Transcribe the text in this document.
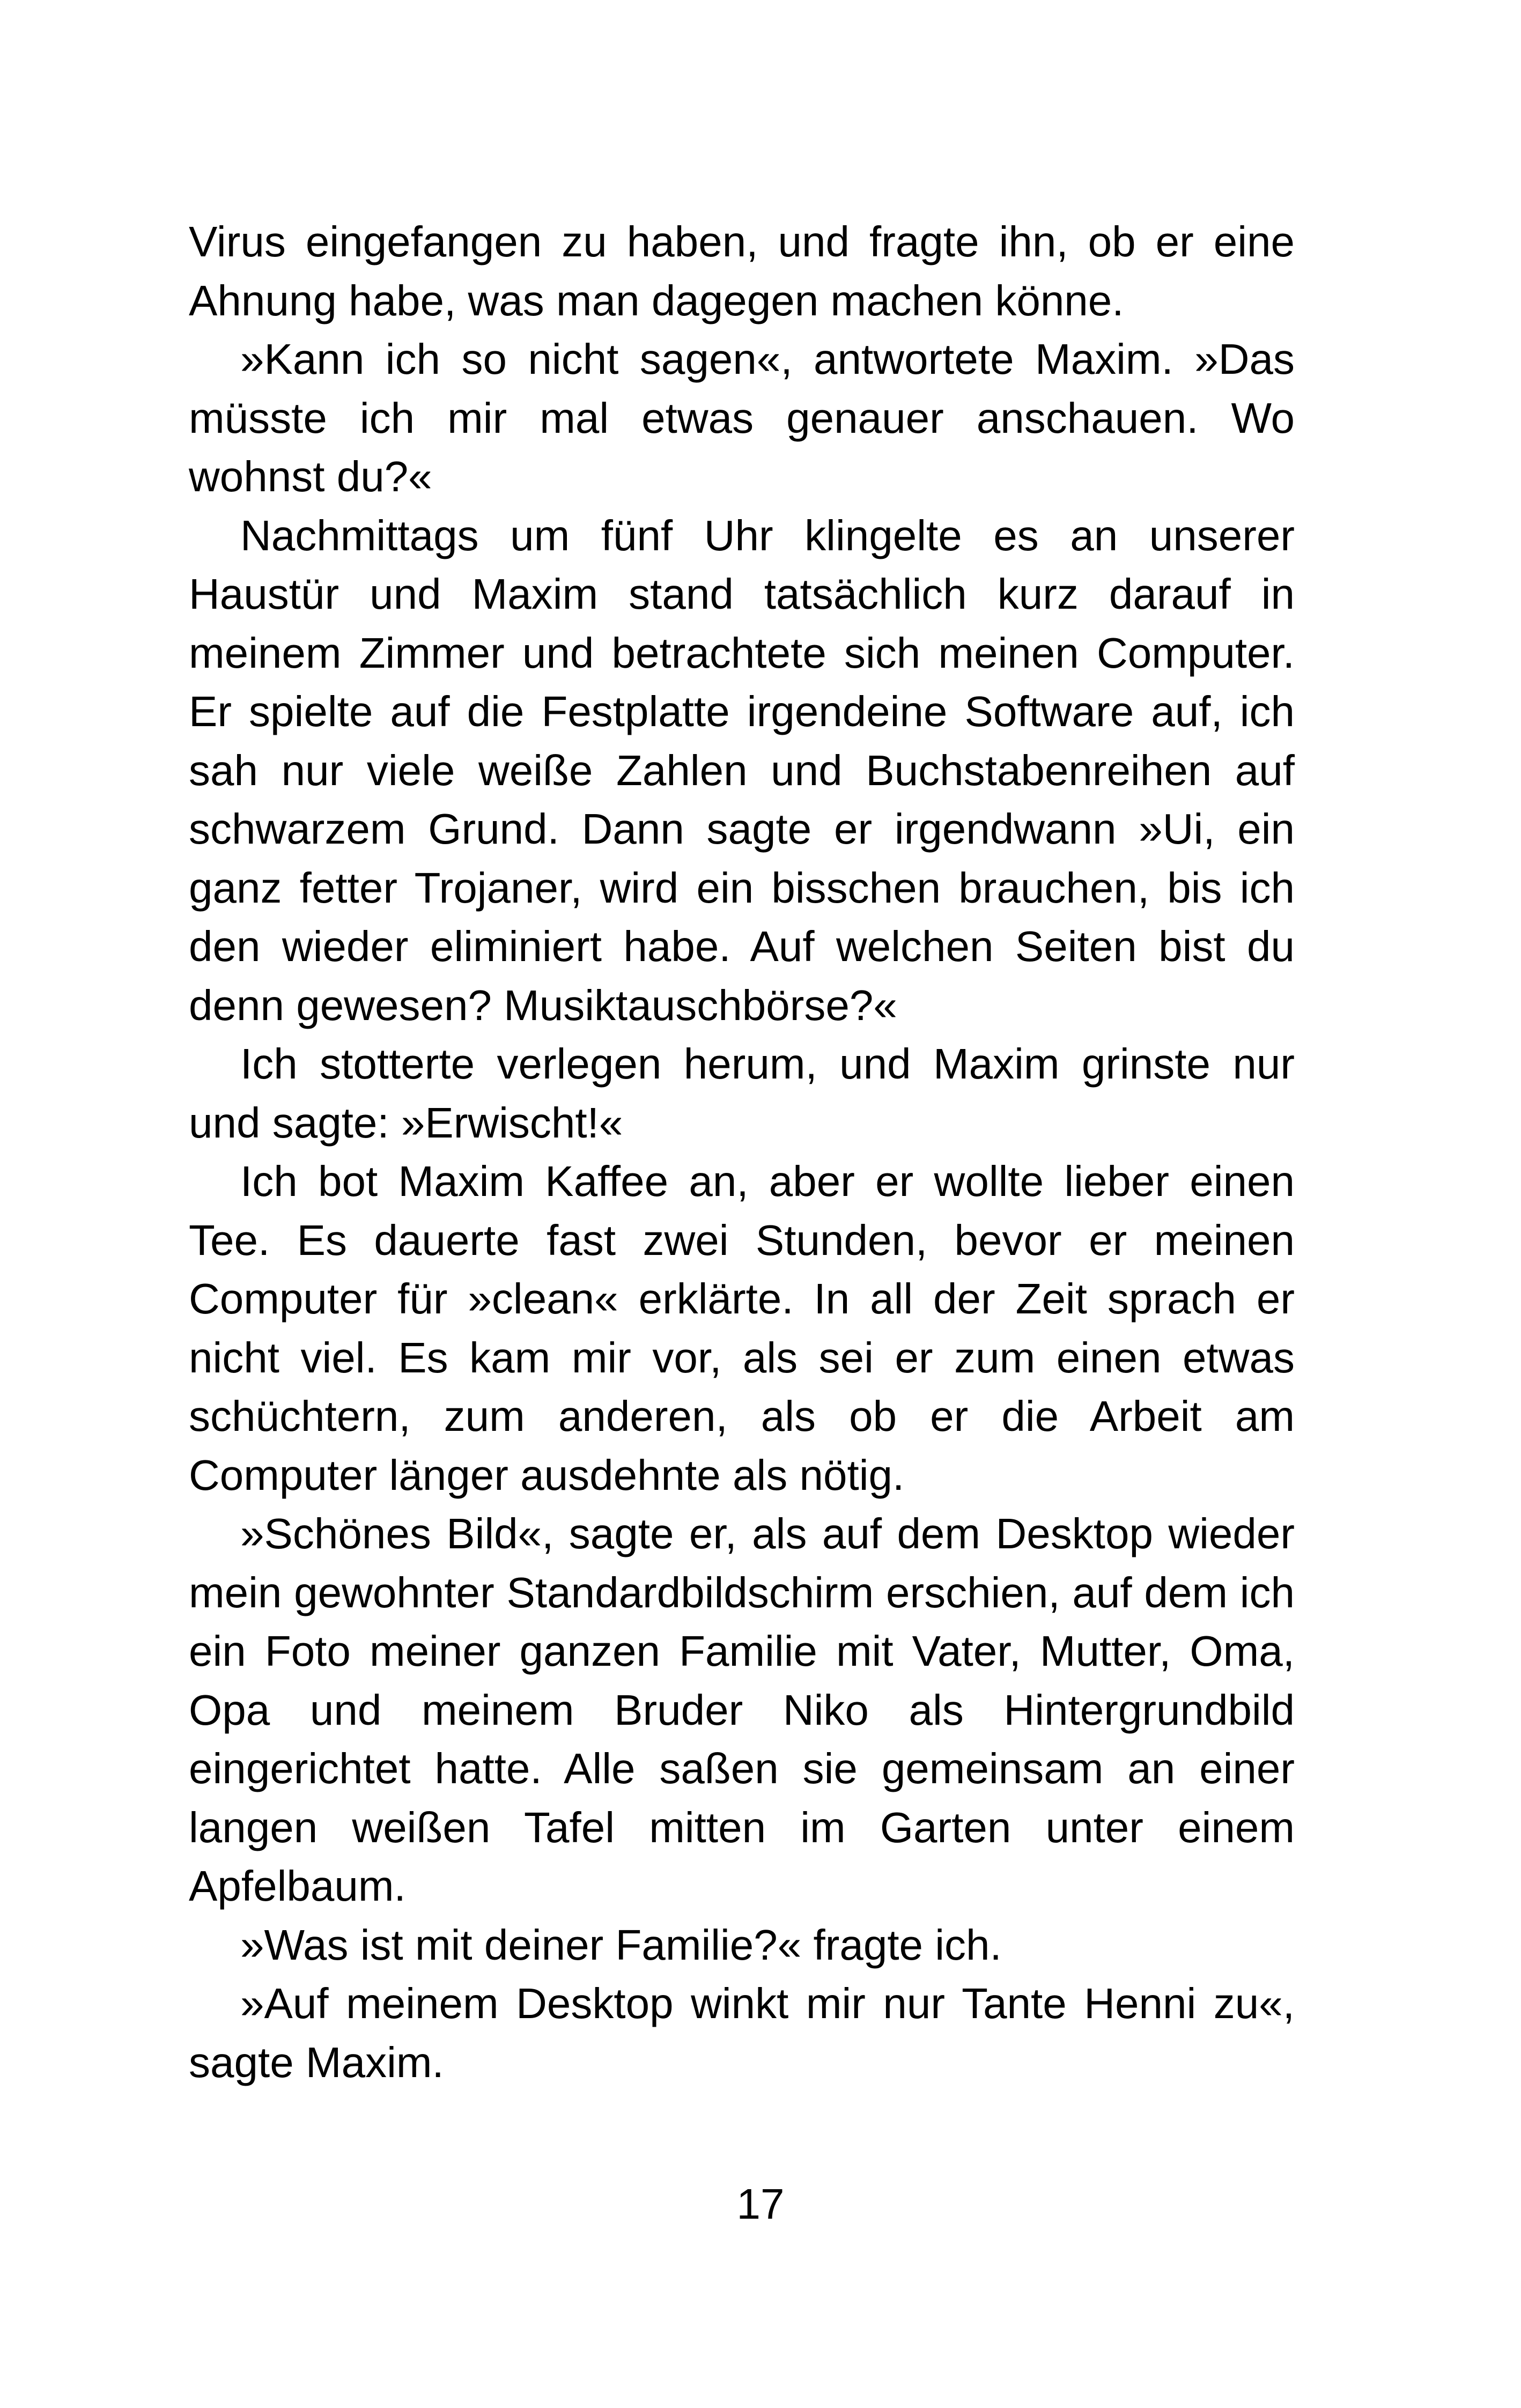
Virus eingefangen zu haben, und fragte ihn, ob er eine Ahnung habe, was man dagegen machen könne.

»Kann ich so nicht sagen«, antwortete Maxim. »Das müsste ich mir mal etwas genauer anschauen. Wo wohnst du?«

Nachmittags um fünf Uhr klingelte es an unserer Haustür und Maxim stand tatsächlich kurz darauf in meinem Zimmer und betrachtete sich meinen Computer. Er spielte auf die Festplatte irgendeine Software auf, ich sah nur viele weiße Zahlen und Buchstabenreihen auf schwarzem Grund. Dann sagte er irgendwann »Ui, ein ganz fetter Trojaner, wird ein bisschen brauchen, bis ich den wieder eliminiert habe. Auf welchen Seiten bist du denn gewesen? Musiktauschbörse?«

Ich stotterte verlegen herum, und Maxim grinste nur und sagte: »Erwischt!«

Ich bot Maxim Kaffee an, aber er wollte lieber einen Tee. Es dauerte fast zwei Stunden, bevor er meinen Computer für »clean« erklärte. In all der Zeit sprach er nicht viel. Es kam mir vor, als sei er zum einen etwas schüchtern, zum anderen, als ob er die Arbeit am Computer länger ausdehnte als nötig.

»Schönes Bild«, sagte er, als auf dem Desktop wieder mein gewohnter Standardbildschirm erschien, auf dem ich ein Foto meiner ganzen Familie mit Vater, Mutter, Oma, Opa und meinem Bruder Niko als Hintergrundbild eingerichtet hatte. Alle saßen sie gemeinsam an einer langen weißen Tafel mitten im Garten unter einem Apfelbaum.

»Was ist mit deiner Familie?« fragte ich.

»Auf meinem Desktop winkt mir nur Tante Henni zu«, sagte Maxim.

17
